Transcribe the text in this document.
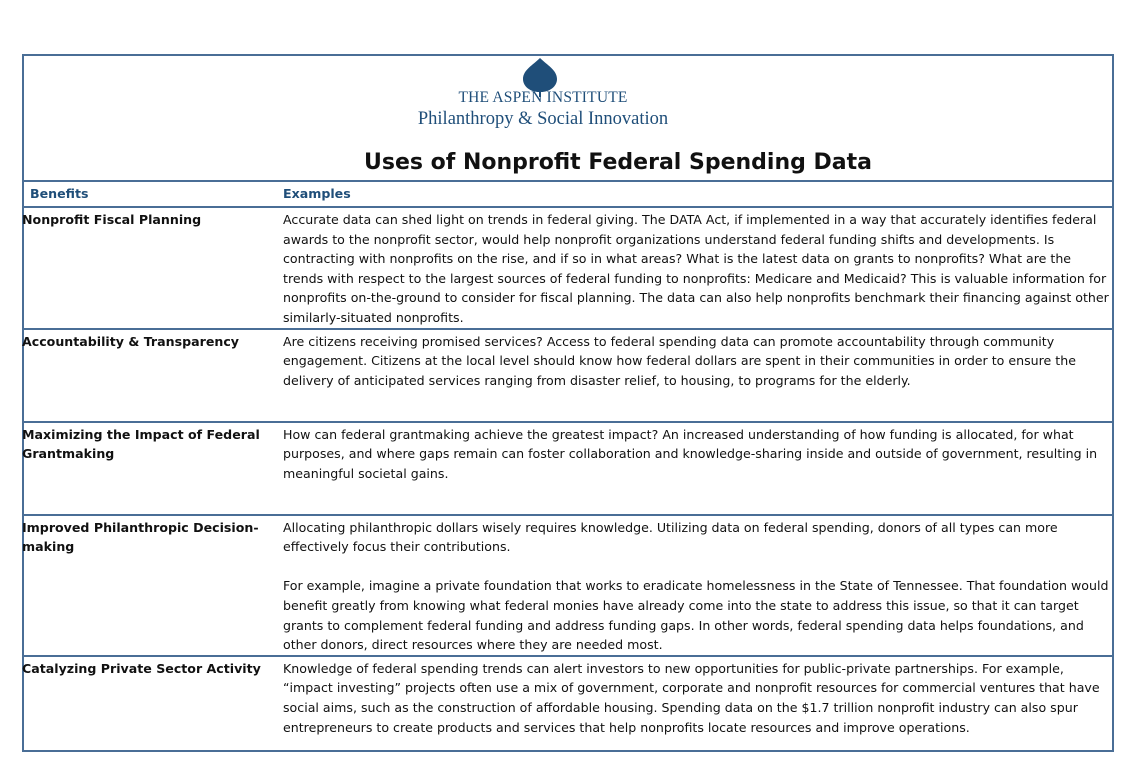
THE ASPEN INSTITUTE
Philanthropy & Social Innovation
Uses of Nonprofit Federal Spending Data
Benefits	Examples
Nonprofit Fiscal Planning	Accurate data can shed light on trends in federal giving. The DATA Act, if implemented in a way that accurately identifies federal awards to the nonprofit sector, would help nonprofit organizations understand federal funding shifts and developments. Is contracting with nonprofits on the rise, and if so in what areas? What is the latest data on grants to nonprofits? What are the trends with respect to the largest sources of federal funding to nonprofits: Medicare and Medicaid? This is valuable information for nonprofits on-the-ground to consider for fiscal planning. The data can also help nonprofits benchmark their financing against other similarly-situated nonprofits.

Accountability & Transparency	Are citizens receiving promised services? Access to federal spending data can promote accountability through community engagement. Citizens at the local level should know how federal dollars are spent in their communities in order to ensure the delivery of anticipated services ranging from disaster relief, to housing, to programs for the elderly.

Maximizing the Impact of Federal Grantmaking	How can federal grantmaking achieve the greatest impact? An increased understanding of how funding is allocated, for what purposes, and where gaps remain can foster collaboration and knowledge-sharing inside and outside of government, resulting in meaningful societal gains.

Improved Philanthropic Decision-making	Allocating philanthropic dollars wisely requires knowledge. Utilizing data on federal spending, donors of all types can more effectively focus their contributions.
For example, imagine a private foundation that works to eradicate homelessness in the State of Tennessee. That foundation would benefit greatly from knowing what federal monies have already come into the state to address this issue, so that it can target grants to complement federal funding and address funding gaps. In other words, federal spending data helps foundations, and other donors, direct resources where they are needed most.

Catalyzing Private Sector Activity	Knowledge of federal spending trends can alert investors to new opportunities for public-private partnerships. For example, “impact investing” projects often use a mix of government, corporate and nonprofit resources for commercial ventures that have social aims, such as the construction of affordable housing. Spending data on the $1.7 trillion nonprofit industry can also spur entrepreneurs to create products and services that help nonprofits locate resources and improve operations.
